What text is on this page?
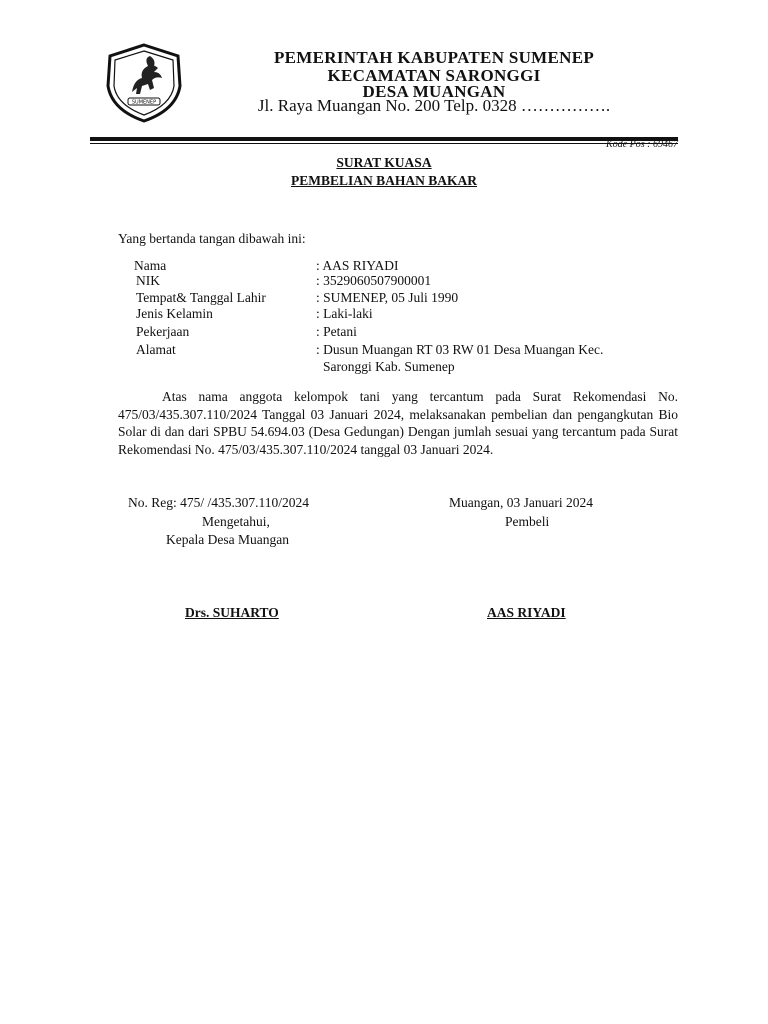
SUMENEP
PEMERINTAH KABUPATEN SUMENEP
KECAMATAN SARONGGI
DESA MUANGAN
Jl. Raya Muangan No. 200 Telp. 0328 …………….
Kode Pos : 69467
SURAT KUASA
PEMBELIAN BAHAN BAKAR
Yang bertanda tangan dibawah ini:
Nama	: AAS RIYADI
NIK	: 3529060507900001
Tempat& Tanggal Lahir	: SUMENEP, 05 Juli 1990
Jenis Kelamin	: Laki-laki
Pekerjaan	: Petani
Alamat	: Dusun Muangan RT 03 RW 01 Desa Muangan Kec.
Saronggi Kab. Sumenep
Atas nama anggota kelompok tani yang tercantum pada Surat Rekomendasi No. 475/03/435.307.110/2024 Tanggal 03 Januari 2024, melaksanakan pembelian dan pengangkutan Bio Solar di dan dari SPBU 54.694.03 (Desa Gedungan) Dengan jumlah sesuai yang tercantum pada Surat Rekomendasi No. 475/03/435.307.110/2024 tanggal 03 Januari 2024.
No. Reg: 475/ /435.307.110/2024
Mengetahui,
Kepala Desa Muangan
Drs. SUHARTO
Muangan, 03 Januari 2024
Pembeli
AAS RIYADI
